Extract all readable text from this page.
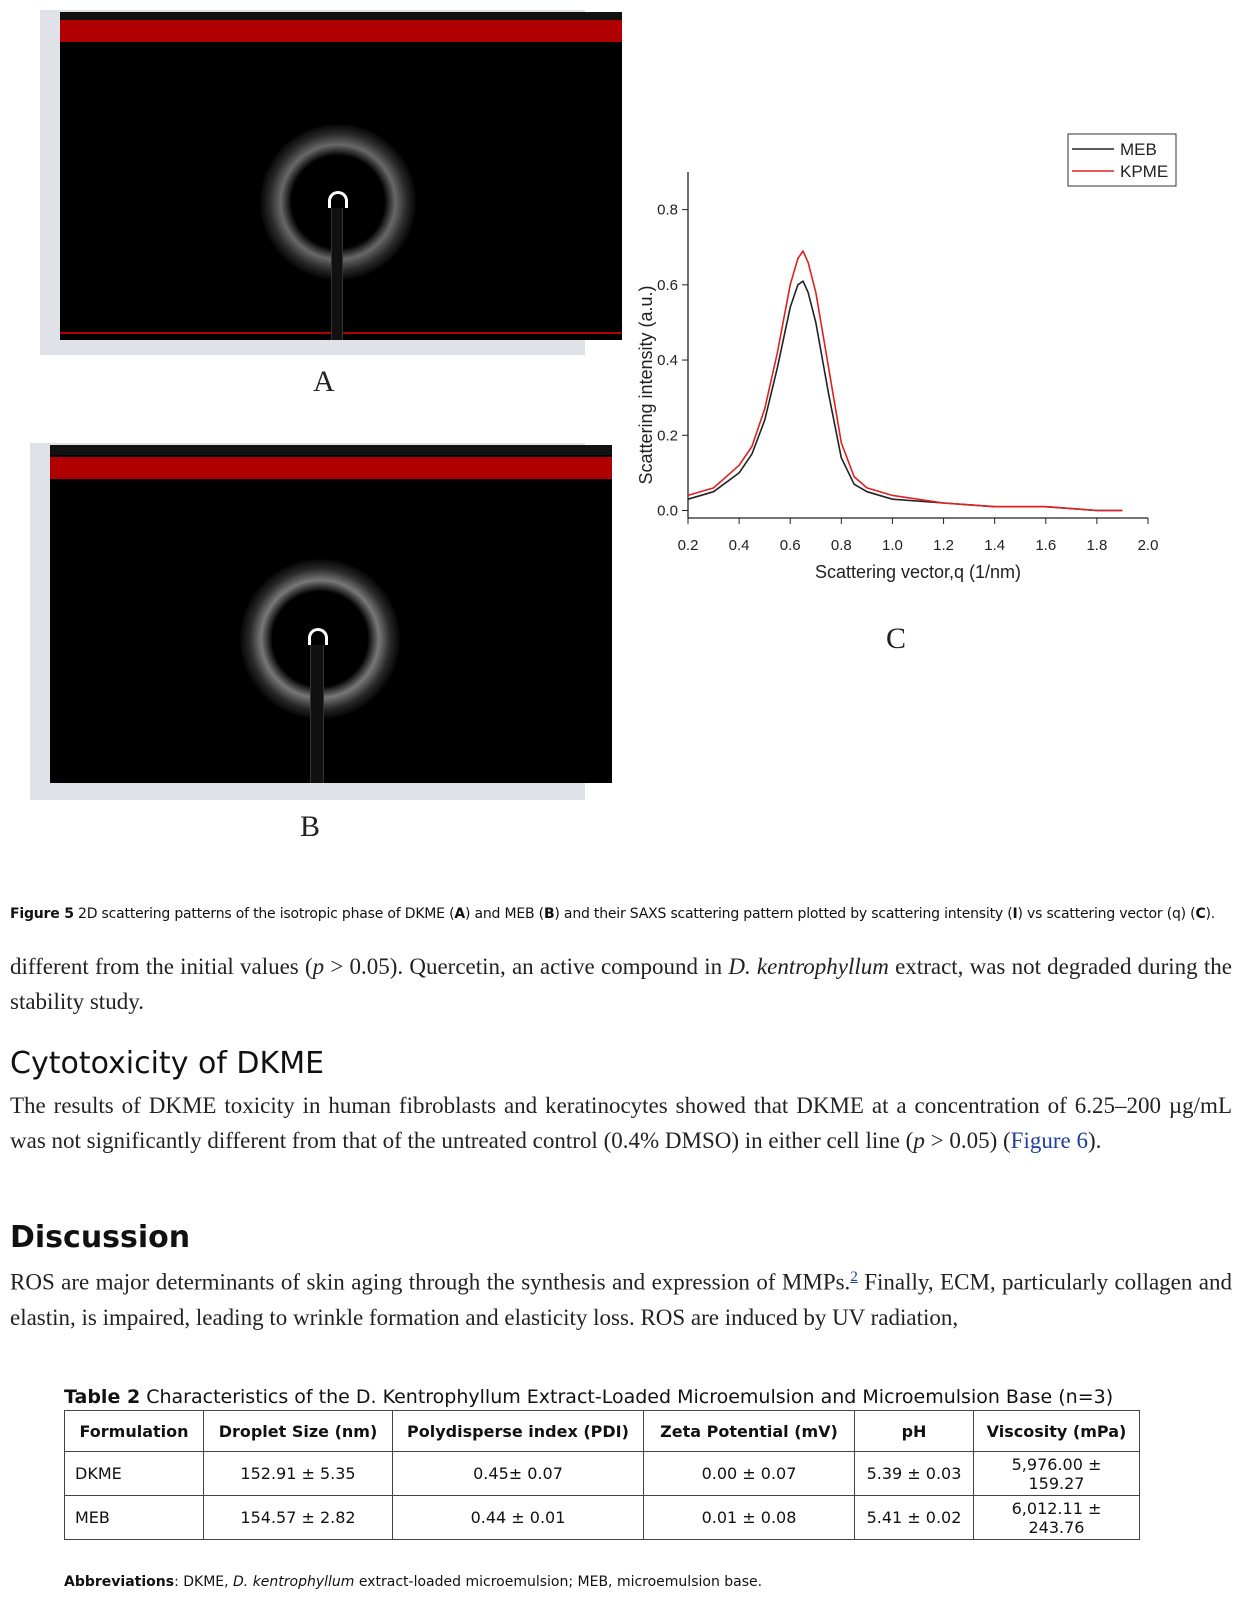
A
B
0.2 0.4 0.6 0.8 1.0 1.2 1.4 1.6 1.8 2.0
0.0
0.2
0.4
0.6
0.8
Scattering vector,q (1/nm)
Scattering intensity (a.u.)
MEB
KPME
C
Figure 5 2D scattering patterns of the isotropic phase of DKME (A) and MEB (B) and their SAXS scattering pattern plotted by scattering intensity (I) vs scattering vector (q) (C).
different from the initial values (p > 0.05). Quercetin, an active compound in D. kentrophyllum extract, was not degraded during the stability study.
Cytotoxicity of DKME
The results of DKME toxicity in human fibroblasts and keratinocytes showed that DKME at a concentration of 6.25–200 µg/mL was not significantly different from that of the untreated control (0.4% DMSO) in either cell line (p > 0.05) (Figure 6).
Discussion
ROS are major determinants of skin aging through the synthesis and expression of MMPs.$^2$ Finally, ECM, particularly collagen and elastin, is impaired, leading to wrinkle formation and elasticity loss. ROS are induced by UV radiation,
Table 2 Characteristics of the D. Kentrophyllum Extract-Loaded Microemulsion and Microemulsion Base (n=3)
Formulation	Droplet Size (nm)	Polydisperse index (PDI)	Zeta Potential (mV)	pH	Viscosity (mPa)
DKME	152.91 ± 5.35	0.45± 0.07	0.00 ± 0.07	5.39 ± 0.03	5,976.00 ± 159.27
MEB	154.57 ± 2.82	0.44 ± 0.01	0.01 ± 0.08	5.41 ± 0.02	6,012.11 ± 243.76
Abbreviations: DKME, D. kentrophyllum extract-loaded microemulsion; MEB, microemulsion base.
